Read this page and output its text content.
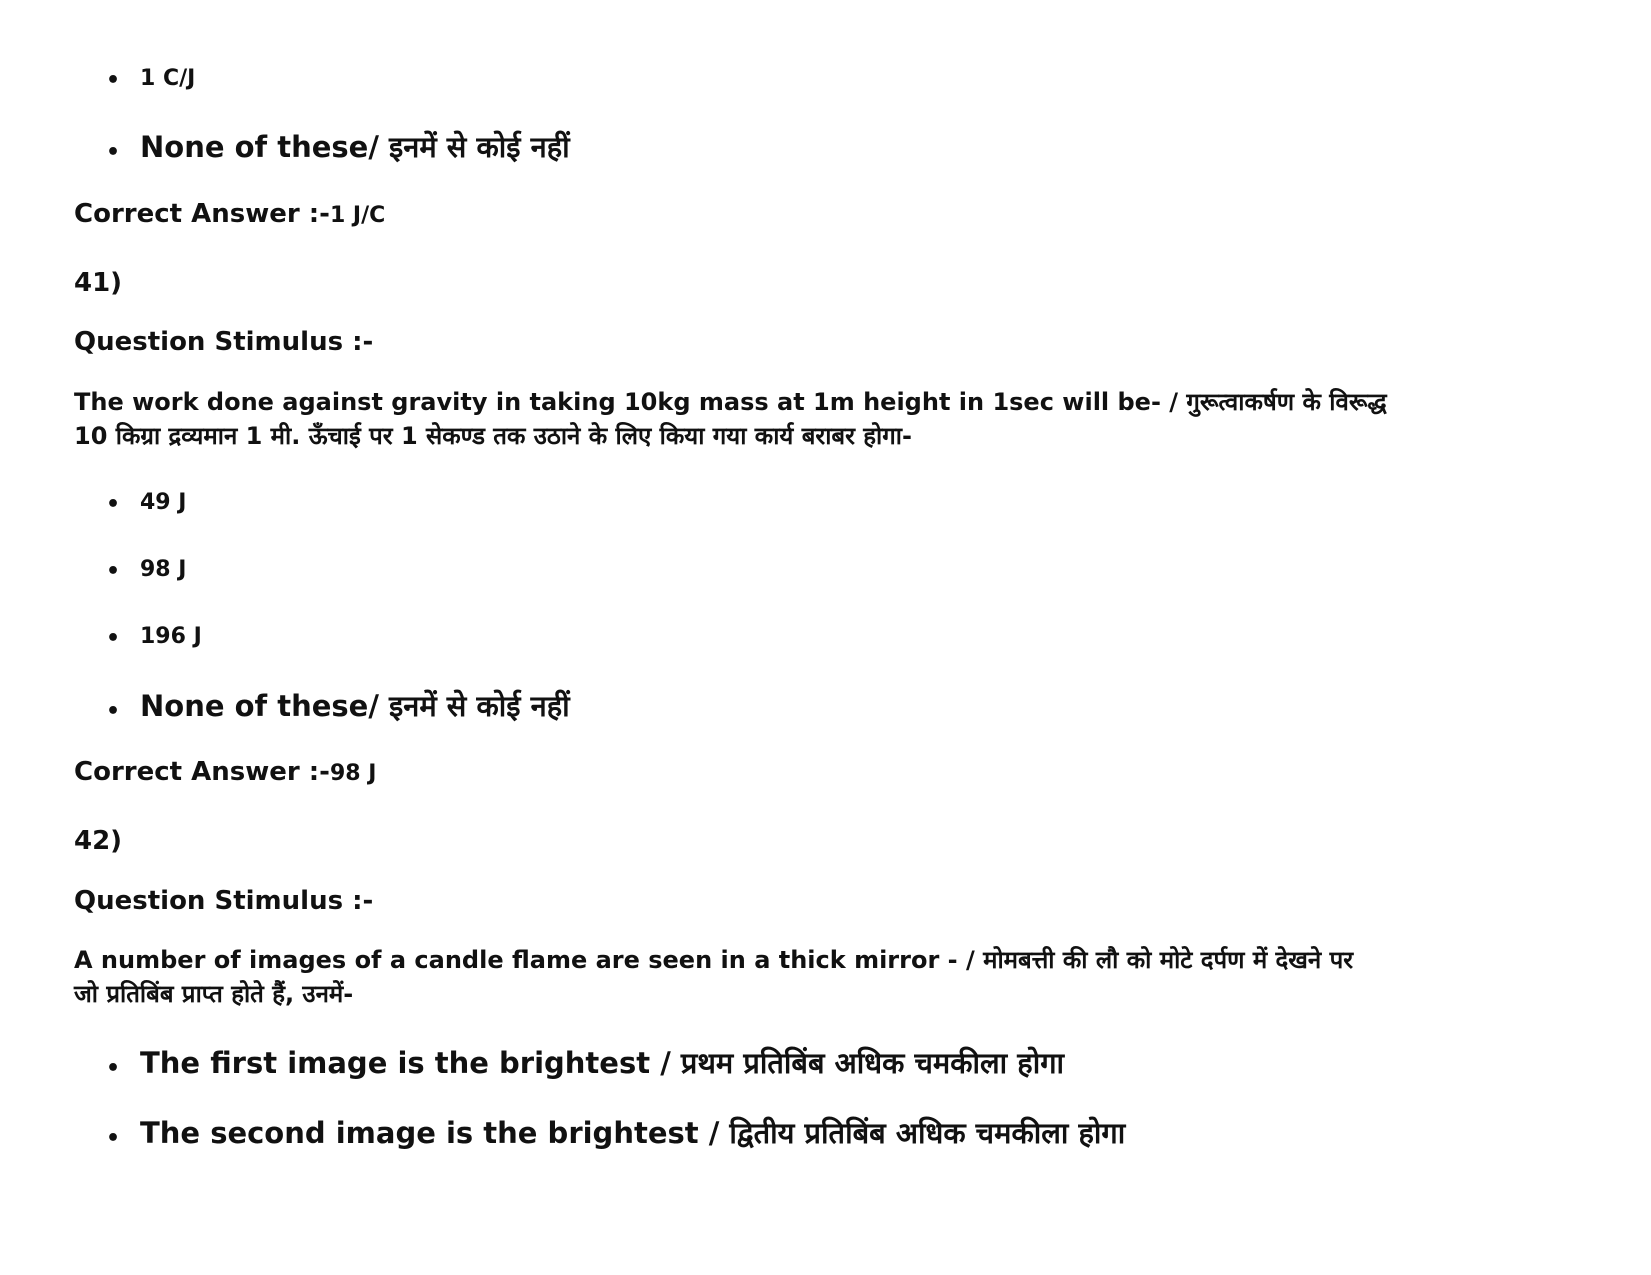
• 1 C/J
• None of these/ इनमें से कोई नहीं

Correct Answer :-1 J/C

41)

Question Stimulus :-

The work done against gravity in taking 10kg mass at 1m height in 1sec will be- / गुरूत्वाकर्षण के विरूद्ध
10 किग्रा द्रव्यमान 1 मी. ऊँचाई पर 1 सेकण्ड तक उठाने के लिए किया गया कार्य बराबर होगा-
• 49 J
• 98 J
• 196 J
• None of these/ इनमें से कोई नहीं

Correct Answer :-98 J

42)

Question Stimulus :-

A number of images of a candle flame are seen in a thick mirror - / मोमबत्ती की लौ को मोटे दर्पण में देखने पर
जो प्रतिबिंब प्राप्त होते हैं, उनमें-
• The first image is the brightest / प्रथम प्रतिबिंब अधिक चमकीला होगा
• The second image is the brightest / द्वितीय प्रतिबिंब अधिक चमकीला होगा
